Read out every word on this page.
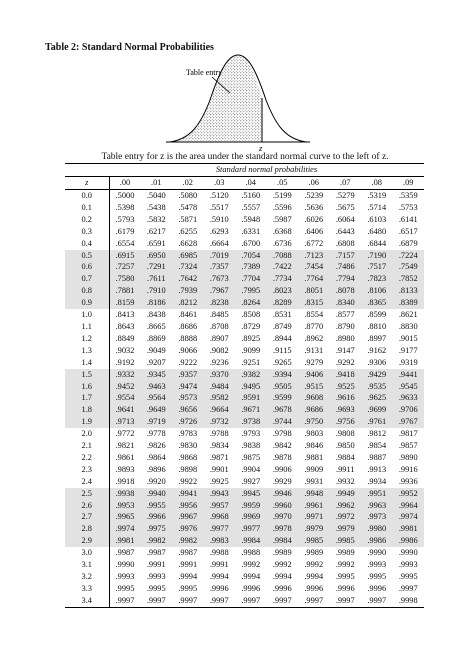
Table 2: Standard Normal Probabilities
Table entry
z
Table entry for z is the area under the standard normal curve to the left of z.
	Standard normal probabilities									
z	.00	.01	.02	.03	.04	.05	.06	.07	.08	.09
0.0	.5000	.5040	.5080	.5120	.5160	.5199	.5239	.5279	.5319	.5359
0.1	.5398	.5438	.5478	.5517	.5557	.5596	.5636	.5675	.5714	.5753
0.2	.5793	.5832	.5871	.5910	.5948	.5987	.6026	.6064	.6103	.6141
0.3	.6179	.6217	.6255	.6293	.6331	.6368	.6406	.6443	.6480	.6517
0.4	.6554	.6591	.6628	.6664	.6700	.6736	.6772	.6808	.6844	.6879
0.5	.6915	.6950	.6985	.7019	.7054	.7088	.7123	.7157	.7190	.7224
0.6	.7257	.7291	.7324	.7357	.7389	.7422	.7454	.7486	.7517	.7549
0.7	.7580	.7611	.7642	.7673	.7704	.7734	.7764	.7794	.7823	.7852
0.8	.7881	.7910	.7939	.7967	.7995	.8023	.8051	.8078	.8106	.8133
0.9	.8159	.8186	.8212	.8238	.8264	.8289	.8315	.8340	.8365	.8389
1.0	.8413	.8438	.8461	.8485	.8508	.8531	.8554	.8577	.8599	.8621
1.1	.8643	.8665	.8686	.8708	.8729	.8749	.8770	.8790	.8810	.8830
1.2	.8849	.8869	.8888	.8907	.8925	.8944	.8962	.8980	.8997	.9015
1.3	.9032	.9049	.9066	.9082	.9099	.9115	.9131	.9147	.9162	.9177
1.4	.9192	.9207	.9222	.9236	.9251	.9265	.9279	.9292	.9306	.9319
1.5	.9332	.9345	.9357	.9370	.9382	.9394	.9406	.9418	.9429	.9441
1.6	.9452	.9463	.9474	.9484	.9495	.9505	.9515	.9525	.9535	.9545
1.7	.9554	.9564	.9573	.9582	.9591	.9599	.9608	.9616	.9625	.9633
1.8	.9641	.9649	.9656	.9664	.9671	.9678	.9686	.9693	.9699	.9706
1.9	.9713	.9719	.9726	.9732	.9738	.9744	.9750	.9756	.9761	.9767
2.0	.9772	.9778	.9783	.9788	.9793	.9798	.9803	.9808	.9812	.9817
2.1	.9821	.9826	.9830	.9834	.9838	.9842	.9846	.9850	.9854	.9857
2.2	.9861	.9864	.9868	.9871	.9875	.9878	.9881	.9884	.9887	.9890
2.3	.9893	.9896	.9898	.9901	.9904	.9906	.9909	.9911	.9913	.9916
2.4	.9918	.9920	.9922	.9925	.9927	.9929	.9931	.9932	.9934	.9936
2.5	.9938	.9940	.9941	.9943	.9945	.9946	.9948	.9949	.9951	.9952
2.6	.9953	.9955	.9956	.9957	.9959	.9960	.9961	.9962	.9963	.9964
2.7	.9965	.9966	.9967	.9968	.9969	.9970	.9971	.9972	.9973	.9974
2.8	.9974	.9975	.9976	.9977	.9977	.9978	.9979	.9979	.9980	.9981
2.9	.9981	.9982	.9982	.9983	.9984	.9984	.9985	.9985	.9986	.9986
3.0	.9987	.9987	.9987	.9988	.9988	.9989	.9989	.9989	.9990	.9990
3.1	.9990	.9991	.9991	.9991	.9992	.9992	.9992	.9992	.9993	.9993
3.2	.9993	.9993	.9994	.9994	.9994	.9994	.9994	.9995	.9995	.9995
3.3	.9995	.9995	.9995	.9996	.9996	.9996	.9996	.9996	.9996	.9997
3.4	.9997	.9997	.9997	.9997	.9997	.9997	.9997	.9997	.9997	.9998
